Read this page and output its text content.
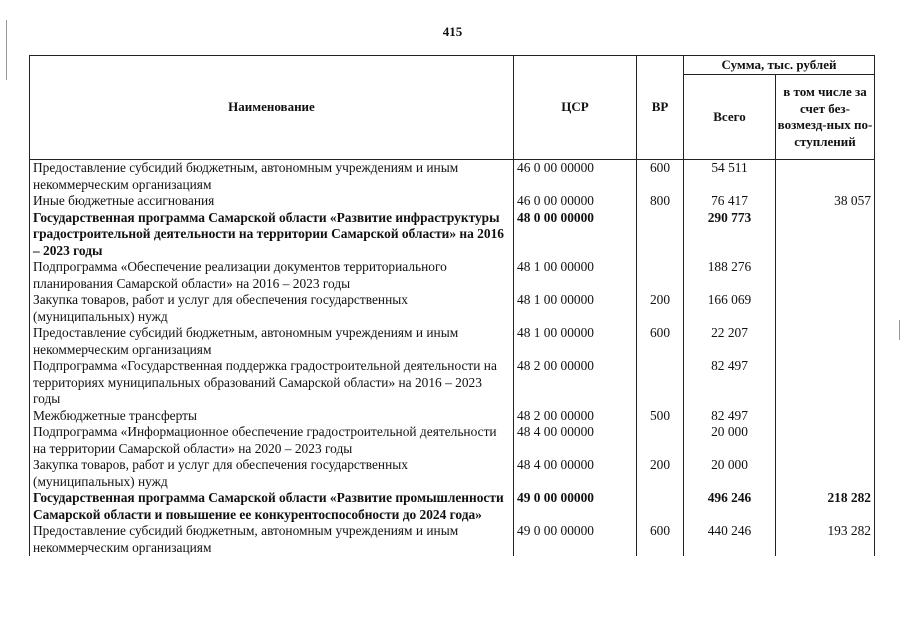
415
Наименование	ЦСР	ВР	Сумма, тыс. рублей	
			Всего	в том числе за счет без-возмезд-ных по-ступлений
Предоставление субсидий бюджетным, автономным учреждениям и иным некоммерческим организациям	46 0 00 00000	600	54 511	
Иные бюджетные ассигнования	46 0 00 00000	800	76 417	38 057
Государственная программа Самарской области «Развитие инфраструктуры градостроительной деятельности на территории Самарской области» на 2016 – 2023 годы	48 0 00 00000		290 773	
Подпрограмма «Обеспечение реализации документов территориального планирования Самарской области» на 2016 – 2023 годы	48 1 00 00000		188 276	
Закупка товаров, работ и услуг для обеспечения государственных (муниципальных) нужд	48 1 00 00000	200	166 069	
Предоставление субсидий бюджетным, автономным учреждениям и иным некоммерческим организациям	48 1 00 00000	600	22 207	
Подпрограмма «Государственная поддержка градостроительной деятельности на территориях муниципальных образований Самарской области» на 2016 – 2023 годы	48 2 00 00000		82 497	
Межбюджетные трансферты	48 2 00 00000	500	82 497	
Подпрограмма «Информационное обеспечение градостроительной деятельности на территории Самарской области» на 2020 – 2023 годы	48 4 00 00000		20 000	
Закупка товаров, работ и услуг для обеспечения государственных (муниципальных) нужд	48 4 00 00000	200	20 000	
Государственная программа Самарской области «Развитие промышленности Самарской области и повышение ее конкурентоспособности до 2024 года»	49 0 00 00000		496 246	218 282
Предоставление субсидий бюджетным, автономным учреждениям и иным некоммерческим организациям	49 0 00 00000	600	440 246	193 282
